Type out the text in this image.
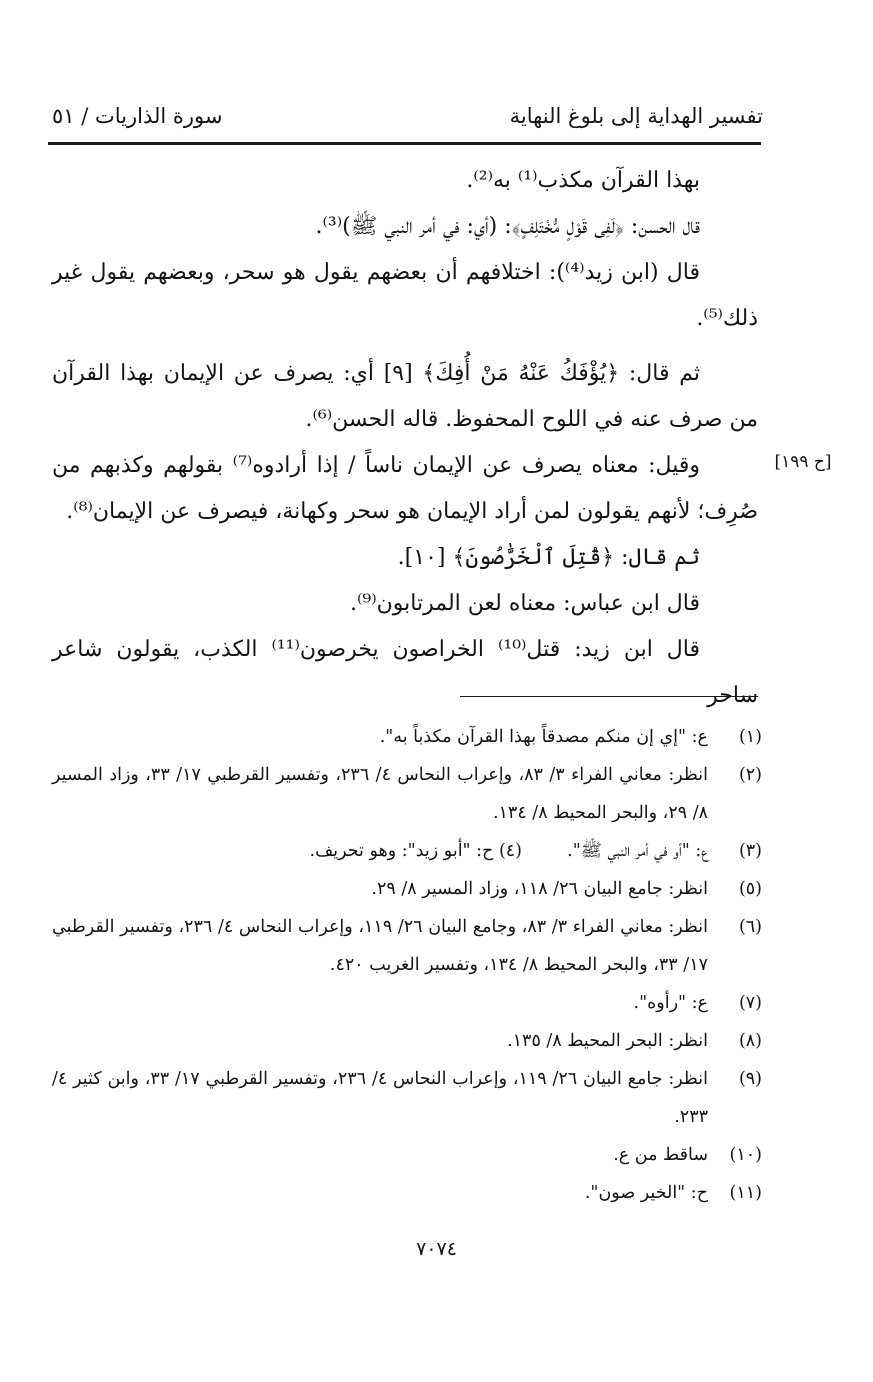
سورة الذاريات / ٥١	تفسير الهداية إلى بلوغ النهاية
[ح ١٩٩]

بهذا القرآن مكذب⁽¹⁾ به⁽²⁾.

قال الحسن: ﴿لَفِى قَوْلٍ مُّخْتَلِفٍ﴾: (أي: في أمر النبي ﷺ)⁽³⁾.

قال (ابن زيد⁽⁴⁾): اختلافهم أن بعضهم يقول هو سحر، وبعضهم يقول غير ذلك⁽⁵⁾.

ثم قال: ﴿يُؤْفَكُ عَنْهُ مَنْ أُفِكَ﴾ [٩] أي: يصرف عن الإيمان بهذا القرآن من صرف عنه في اللوح المحفوظ. قاله الحسن⁽⁶⁾.

وقيل: معناه يصرف عن الإيمان ناساً / إذا أرادوه⁽⁷⁾ بقولهم وكذبهم من صُرِف؛ لأنهم يقولون لمن أراد الإيمان هو سحر وكهانة، فيصرف عن الإيمان⁽⁸⁾.

ثم قال: ﴿قُتِلَ ٱلْخَرَّٰصُونَ﴾ [١٠].

قال ابن عباس: معناه لعن المرتابون⁽⁹⁾.

قال ابن زيد: قتل⁽¹⁰⁾ الخراصون يخرصون⁽¹¹⁾ الكذب، يقولون شاعر ساحر

(١)
ع: "إي إن منكم مصدقاً بهذا القرآن مكذباً به".
(٢)
انظر: معاني الفراء ٣/ ٨٣، وإعراب النحاس ٤/ ٢٣٦، وتفسير القرطبي ١٧/ ٣٣، وزاد المسير ٨/ ٢٩، والبحر المحيط ٨/ ١٣٤.
(٣)
ع: "أو في أمر النبي ﷺ".  (٤) ح: "أبو زيد": وهو تحريف.
(٥)
انظر: جامع البيان ٢٦/ ١١٨، وزاد المسير ٨/ ٢٩.
(٦)
انظر: معاني الفراء ٣/ ٨٣، وجامع البيان ٢٦/ ١١٩، وإعراب النحاس ٤/ ٢٣٦، وتفسير القرطبي ١٧/ ٣٣، والبحر المحيط ٨/ ١٣٤، وتفسير الغريب ٤٢٠.
(٧)
ع: "رأوه".
(٨)
انظر: البحر المحيط ٨/ ١٣٥.
(٩)
انظر: جامع البيان ٢٦/ ١١٩، وإعراب النحاس ٤/ ٢٣٦، وتفسير القرطبي ١٧/ ٣٣، وابن كثير ٤/ ٢٣٣.
(١٠)
ساقط من ع.
(١١)
ح: "الخير صون".
٧٠٧٤
